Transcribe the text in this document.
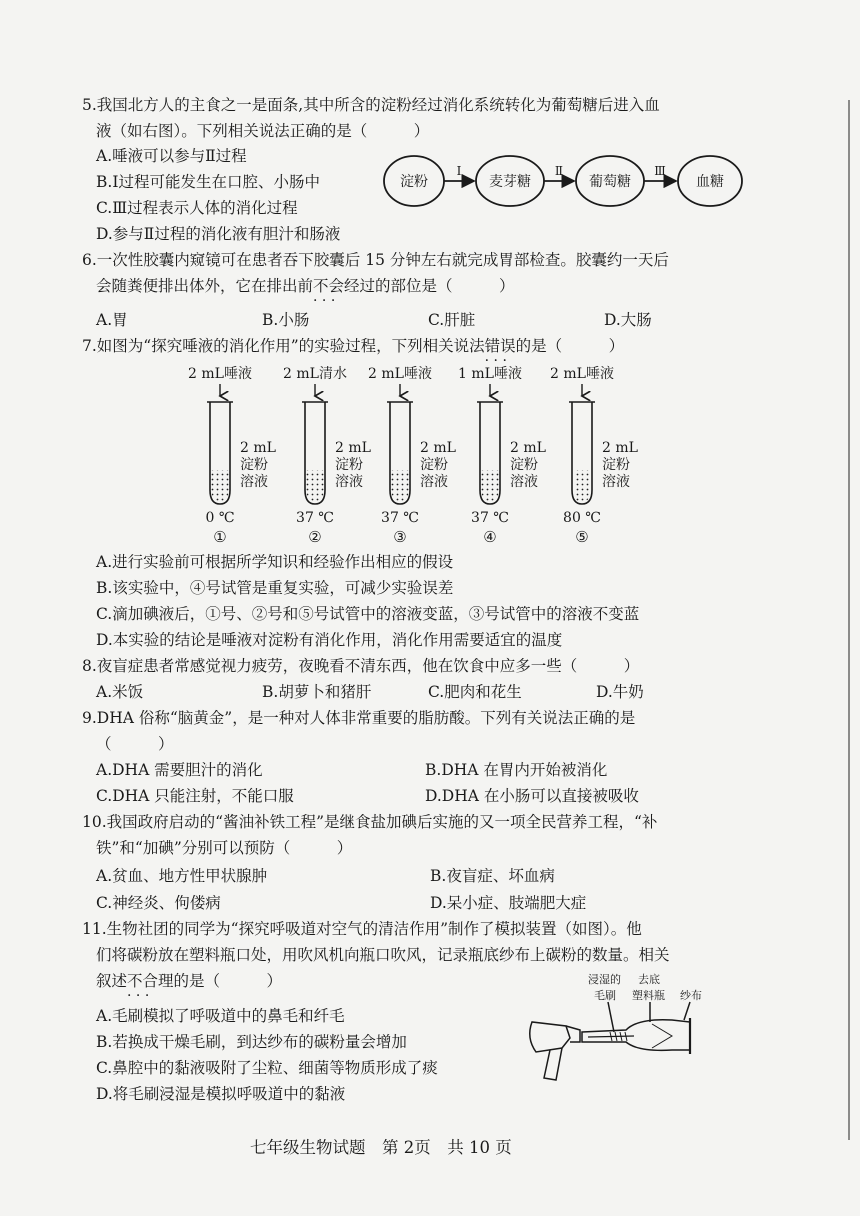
5.我国北方人的主食之一是面条,其中所含的淀粉经过消化系统转化为葡萄糖后进入血
液（如右图）。下列相关说法正确的是（　　　）
A.唾液可以参与Ⅱ过程
B.Ⅰ过程可能发生在口腔、小肠中
C.Ⅲ过程表示人体的消化过程
D.参与Ⅱ过程的消化液有胆汁和肠液
淀粉	麦芽糖	葡萄糖	血糖
Ⅰ	Ⅱ	Ⅲ
6.一次性胶囊内窥镜可在患者吞下胶囊后 15 分钟左右就完成胃部检查。胶囊约一天后
会随粪便排出体外，它在排出前不会 · · ·经过的部位是（　　　）
A.胃	B.小肠	C.肝脏	D.大肠
7.如图为“探究唾液的消化作用”的实验过程，下列相关说法错误 · · ·的是（　　　）
2 mL唾液
2 mL
淀粉
溶液
0 ℃
①
2 mL清水
2 mL
淀粉
溶液
37 ℃
②
2 mL唾液
2 mL
淀粉
溶液
37 ℃
③
1 mL唾液
2 mL
淀粉
溶液
37 ℃
④
2 mL唾液
2 mL
淀粉
溶液
80 ℃
⑤
A.进行实验前可根据所学知识和经验作出相应的假设
B.该实验中，④号试管是重复实验，可减少实验误差
C.滴加碘液后，①号、②号和⑤号试管中的溶液变蓝，③号试管中的溶液不变蓝
D.本实验的结论是唾液对淀粉有消化作用，消化作用需要适宜的温度
8.夜盲症患者常感觉视力疲劳，夜晚看不清东西，他在饮食中应多一些（　　　）
A.米饭	B.胡萝卜和猪肝	C.肥肉和花生	D.牛奶
9.DHA 俗称“脑黄金”，是一种对人体非常重要的脂肪酸。下列有关说法正确的是
（　　　）
A.DHA 需要胆汁的消化	B.DHA 在胃内开始被消化
C.DHA 只能注射，不能口服	D.DHA 在小肠可以直接被吸收
10.我国政府启动的“酱油补铁工程”是继食盐加碘后实施的又一项全民营养工程，“补
铁”和“加碘”分别可以预防（　　　）
A.贫血、地方性甲状腺肿	B.夜盲症、坏血病
C.神经炎、佝偻病	D.呆小症、肢端肥大症
11.生物社团的同学为“探究呼吸道对空气的清洁作用”制作了模拟装置（如图）。他
们将碳粉放在塑料瓶口处，用吹风机向瓶口吹风，记录瓶底纱布上碳粉的数量。相关
叙述不合理 · · ·的是（　　　）
A.毛刷模拟了呼吸道中的鼻毛和纤毛
B.若换成干燥毛刷，到达纱布的碳粉量会增加
C.鼻腔中的黏液吸附了尘粒、细菌等物质形成了痰
D.将毛刷浸湿是模拟呼吸道中的黏液
浸湿的
毛刷
去底
塑料瓶 纱布
七年级生物试题　第 2页　共 10 页
